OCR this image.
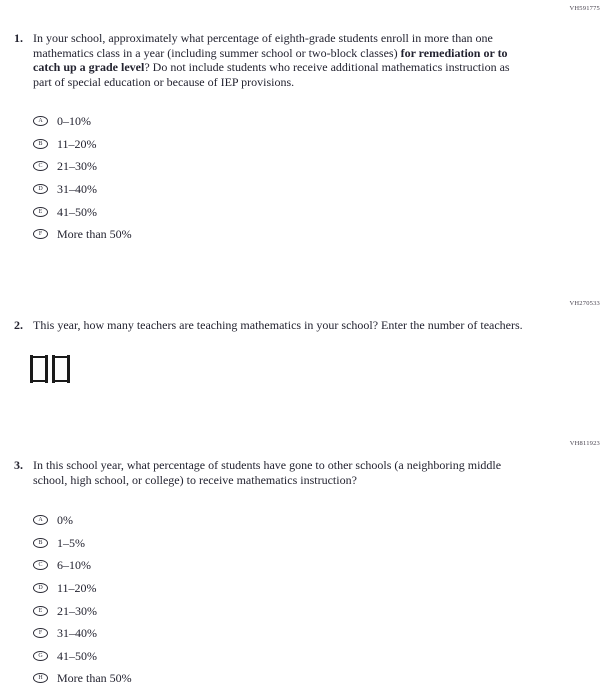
VH591775
1. In your school, approximately what percentage of eighth-grade students enroll in more than one mathematics class in a year (including summer school or two-block classes) for remediation or to catch up a grade level? Do not include students who receive additional mathematics instruction as part of special education or because of IEP provisions.
A 0–10%
B 11–20%
C 21–30%
D 31–40%
E 41–50%
F More than 50%
VH270533
2. This year, how many teachers are teaching mathematics in your school? Enter the number of teachers.
VH811923
3. In this school year, what percentage of students have gone to other schools (a neighboring middle school, high school, or college) to receive mathematics instruction?
A 0%
B 1–5%
C 6–10%
D 11–20%
E 21–30%
F 31–40%
G 41–50%
H More than 50%
